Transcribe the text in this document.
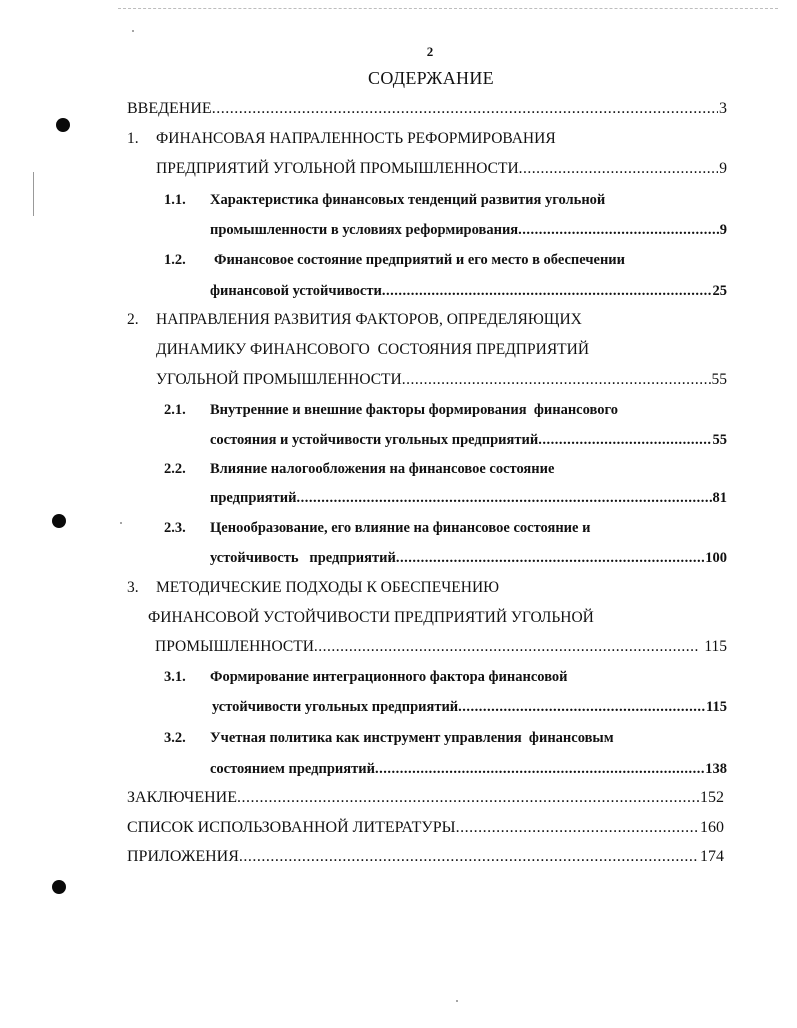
2
СОДЕРЖАНИЕ
ВВЕДЕНИЕ .....	3
1. ФИНАНСОВАЯ НАПРАЛЕННОСТЬ РЕФОРМИРОВАНИЯ
ПРЕДПРИЯТИЙ УГОЛЬНОЙ ПРОМЫШЛЕННОСТИ .....	9
1.1. Характеристика финансовых тенденций развития угольной
промышленности в условиях реформирования .....	9
1.2. Финансовое состояние предприятий и его место в обеспечении
финансовой устойчивости .....	25
2. НАПРАВЛЕНИЯ РАЗВИТИЯ ФАКТОРОВ, ОПРЕДЕЛЯЮЩИХ
ДИНАМИКУ ФИНАНСОВОГО  СОСТОЯНИЯ ПРЕДПРИЯТИЙ
УГОЛЬНОЙ ПРОМЫШЛЕННОСТИ .....	55
2.1. Внутренние и внешние факторы формирования  финансового
состояния и устойчивости угольных предприятий .....	55
2.2. Влияние налогообложения на финансовое состояние
предприятий .....	81
2.3. Ценообразование, его влияние на финансовое состояние и
устойчивость   предприятий .....	100
3. МЕТОДИЧЕСКИЕ ПОДХОДЫ К ОБЕСПЕЧЕНИЮ
ФИНАНСОВОЙ УСТОЙЧИВОСТИ ПРЕДПРИЯТИЙ УГОЛЬНОЙ
ПРОМЫШЛЕННОСТИ .....	115
3.1. Формирование интеграционного фактора финансовой
устойчивости угольных предприятий .....	115
3.2. Учетная политика как инструмент управления  финансовым
состоянием предприятий .....	138
ЗАКЛЮЧЕНИЕ .....	152
СПИСОК ИСПОЛЬЗОВАННОЙ ЛИТЕРАТУРЫ .....	160
ПРИЛОЖЕНИЯ .....	174
